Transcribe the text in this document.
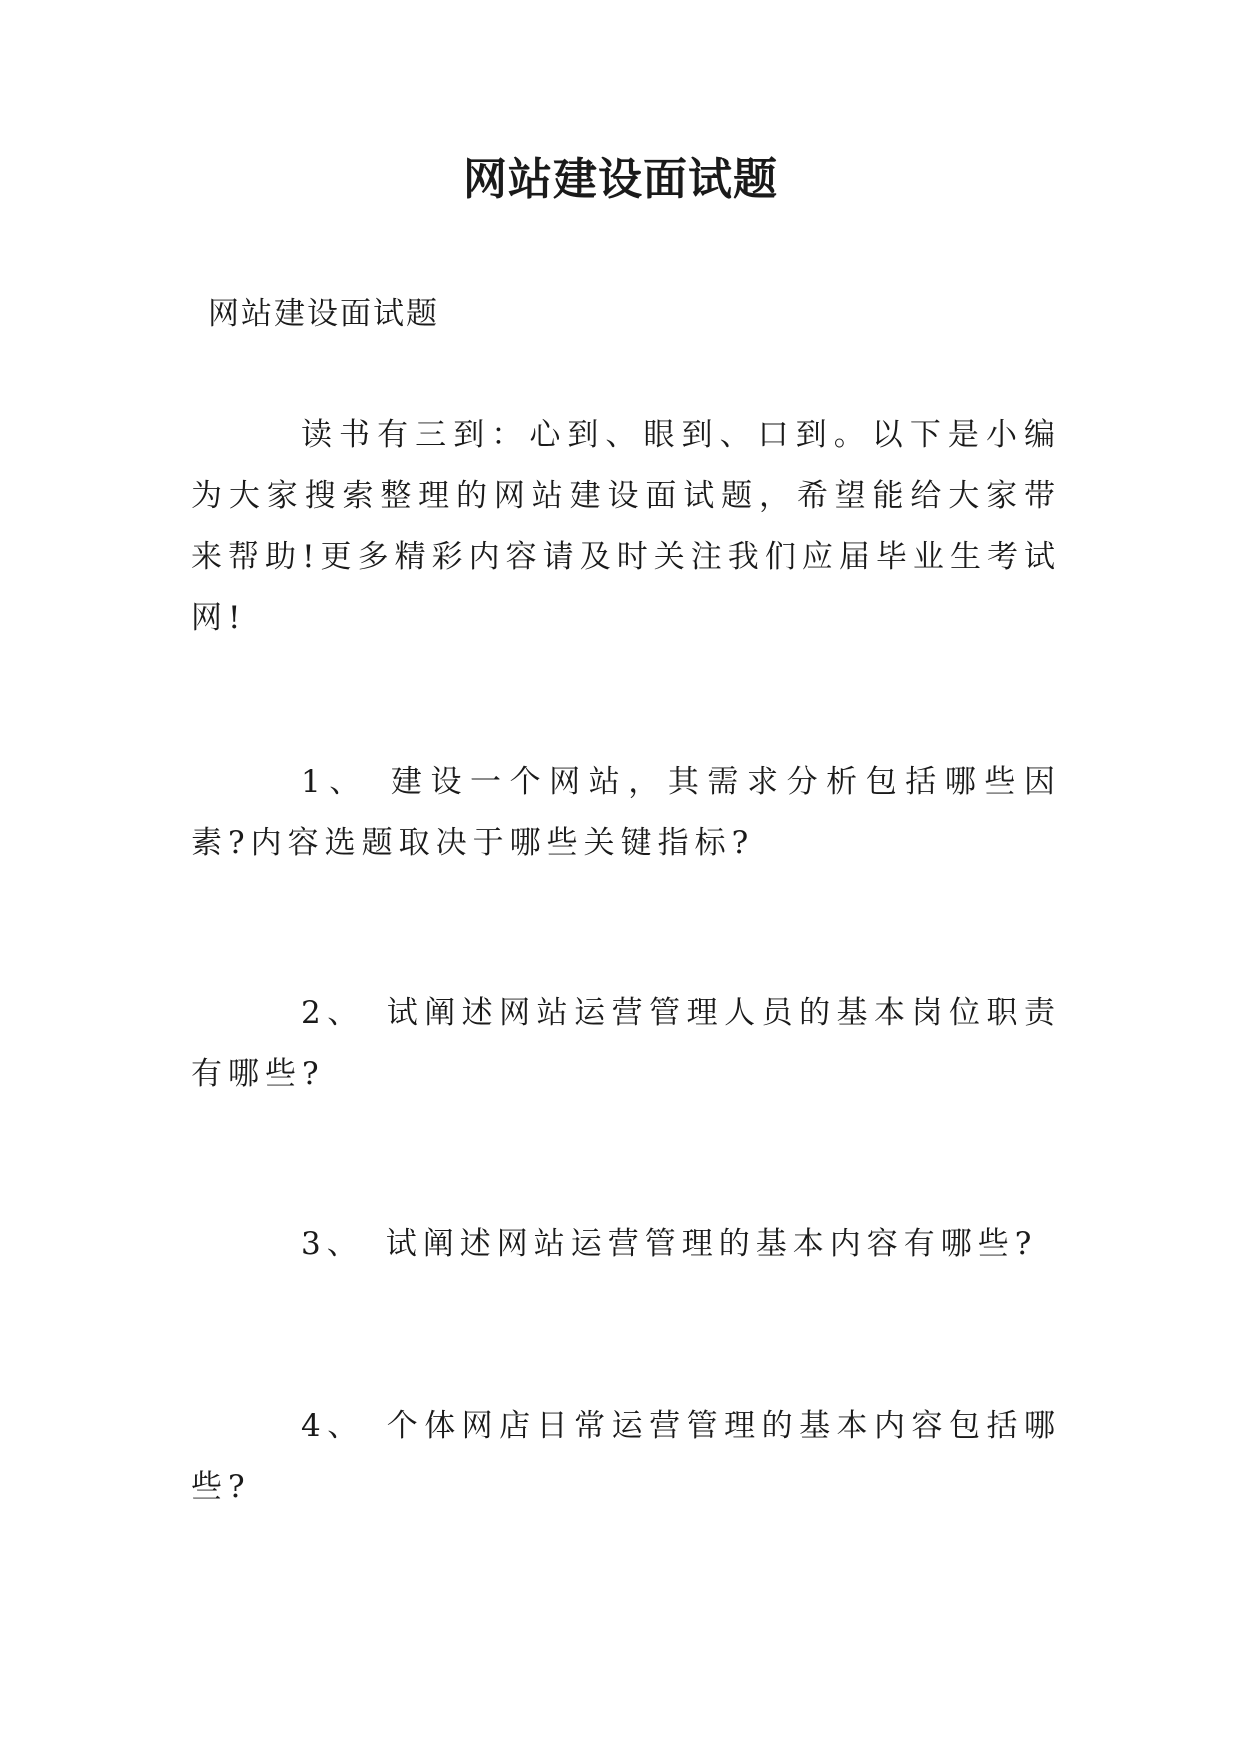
网站建设面试题

网站建设面试题

读书有三到：心到、眼到、口到。以下是小编为大家搜索整理的网站建设面试题，希望能给大家带来帮助!更多精彩内容请及时关注我们应届毕业生考试网!

1、 建设一个网站，其需求分析包括哪些因素?内容选题取决于哪些关键指标?

2、 试阐述网站运营管理人员的基本岗位职责有哪些?

3、 试阐述网站运营管理的基本内容有哪些?

4、 个体网店日常运营管理的基本内容包括哪些?
